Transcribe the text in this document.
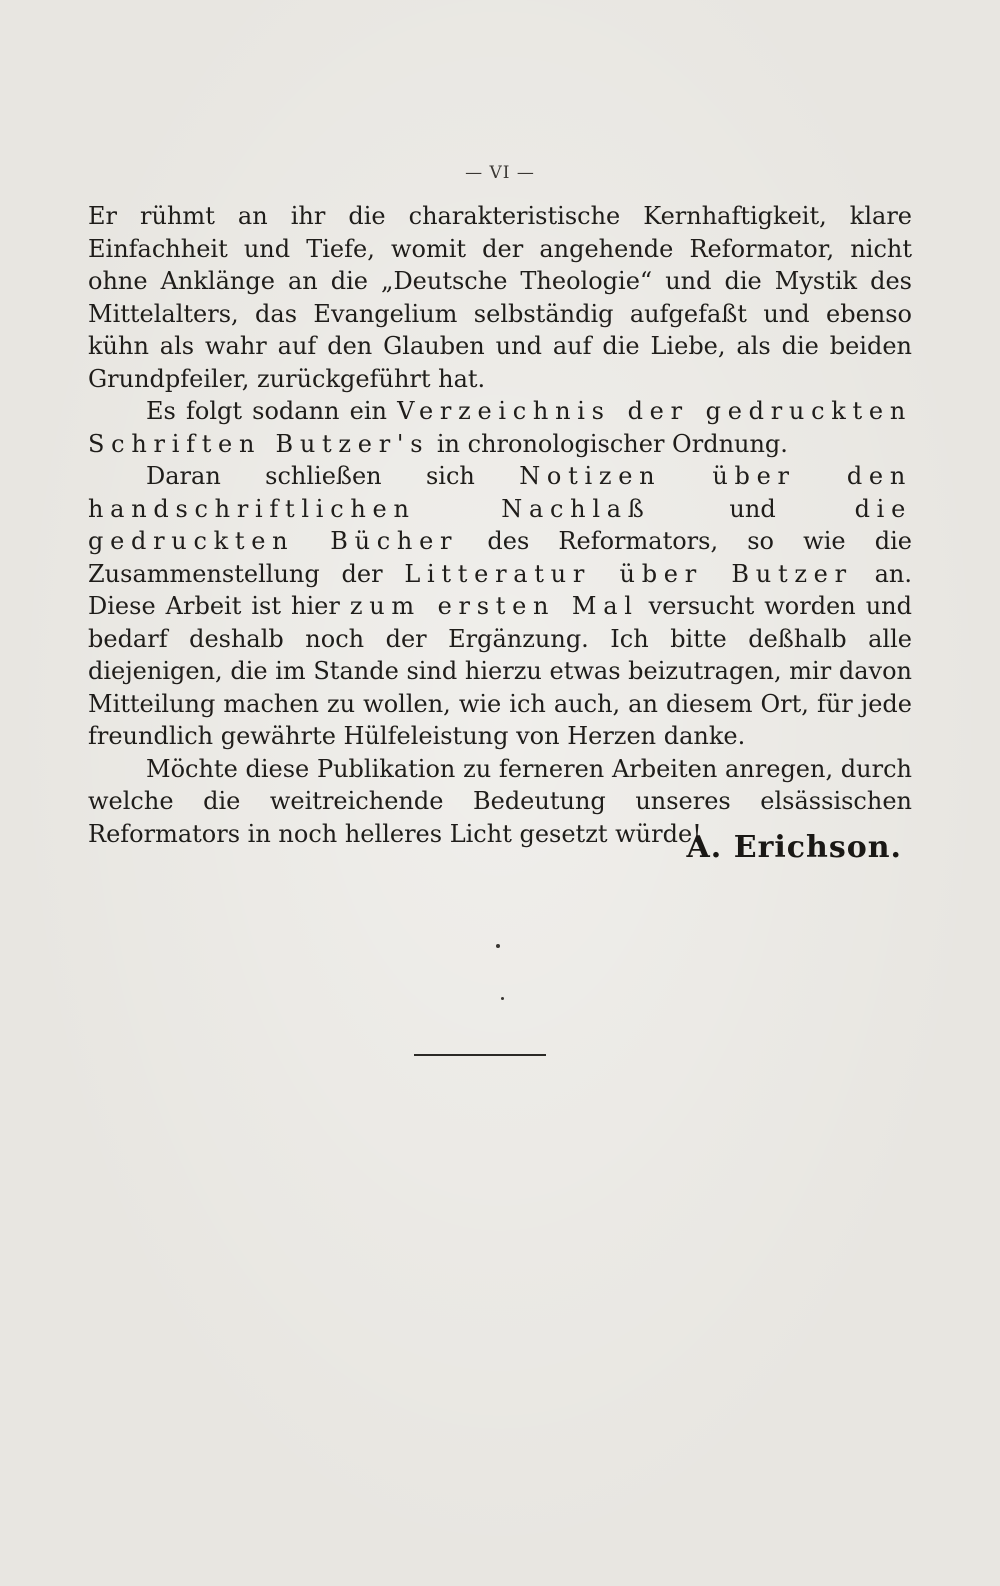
— VI —

Er rühmt an ihr die charakteristische Kernhaftigkeit, klare Einfachheit und Tiefe, womit der angehende Reformator, nicht ohne Anklänge an die „Deutsche Theologie“ und die Mystik des Mittelalters, das Evangelium selbständig aufgefaßt und ebenso kühn als wahr auf den Glauben und auf die Liebe, als die beiden Grundpfeiler, zurückgeführt hat.

Es folgt sodann ein Verzeichnis der gedruckten Schriften Butzer's in chronologischer Ordnung.

Daran schließen sich Notizen über den handschriftlichen Nachlaß und die gedruckten Bücher des Reformators, so wie die Zusammenstellung der Litteratur über Butzer an. Diese Arbeit ist hier zum ersten Mal versucht worden und bedarf deshalb noch der Ergänzung. Ich bitte deßhalb alle diejenigen, die im Stande sind hierzu etwas beizutragen, mir davon Mitteilung machen zu wollen, wie ich auch, an diesem Ort, für jede freundlich gewährte Hülfeleistung von Herzen danke.

Möchte diese Publikation zu ferneren Arbeiten anregen, durch welche die weitreichende Bedeutung unseres elsässischen Reformators in noch helleres Licht gesetzt würde!

A. Erichson.
